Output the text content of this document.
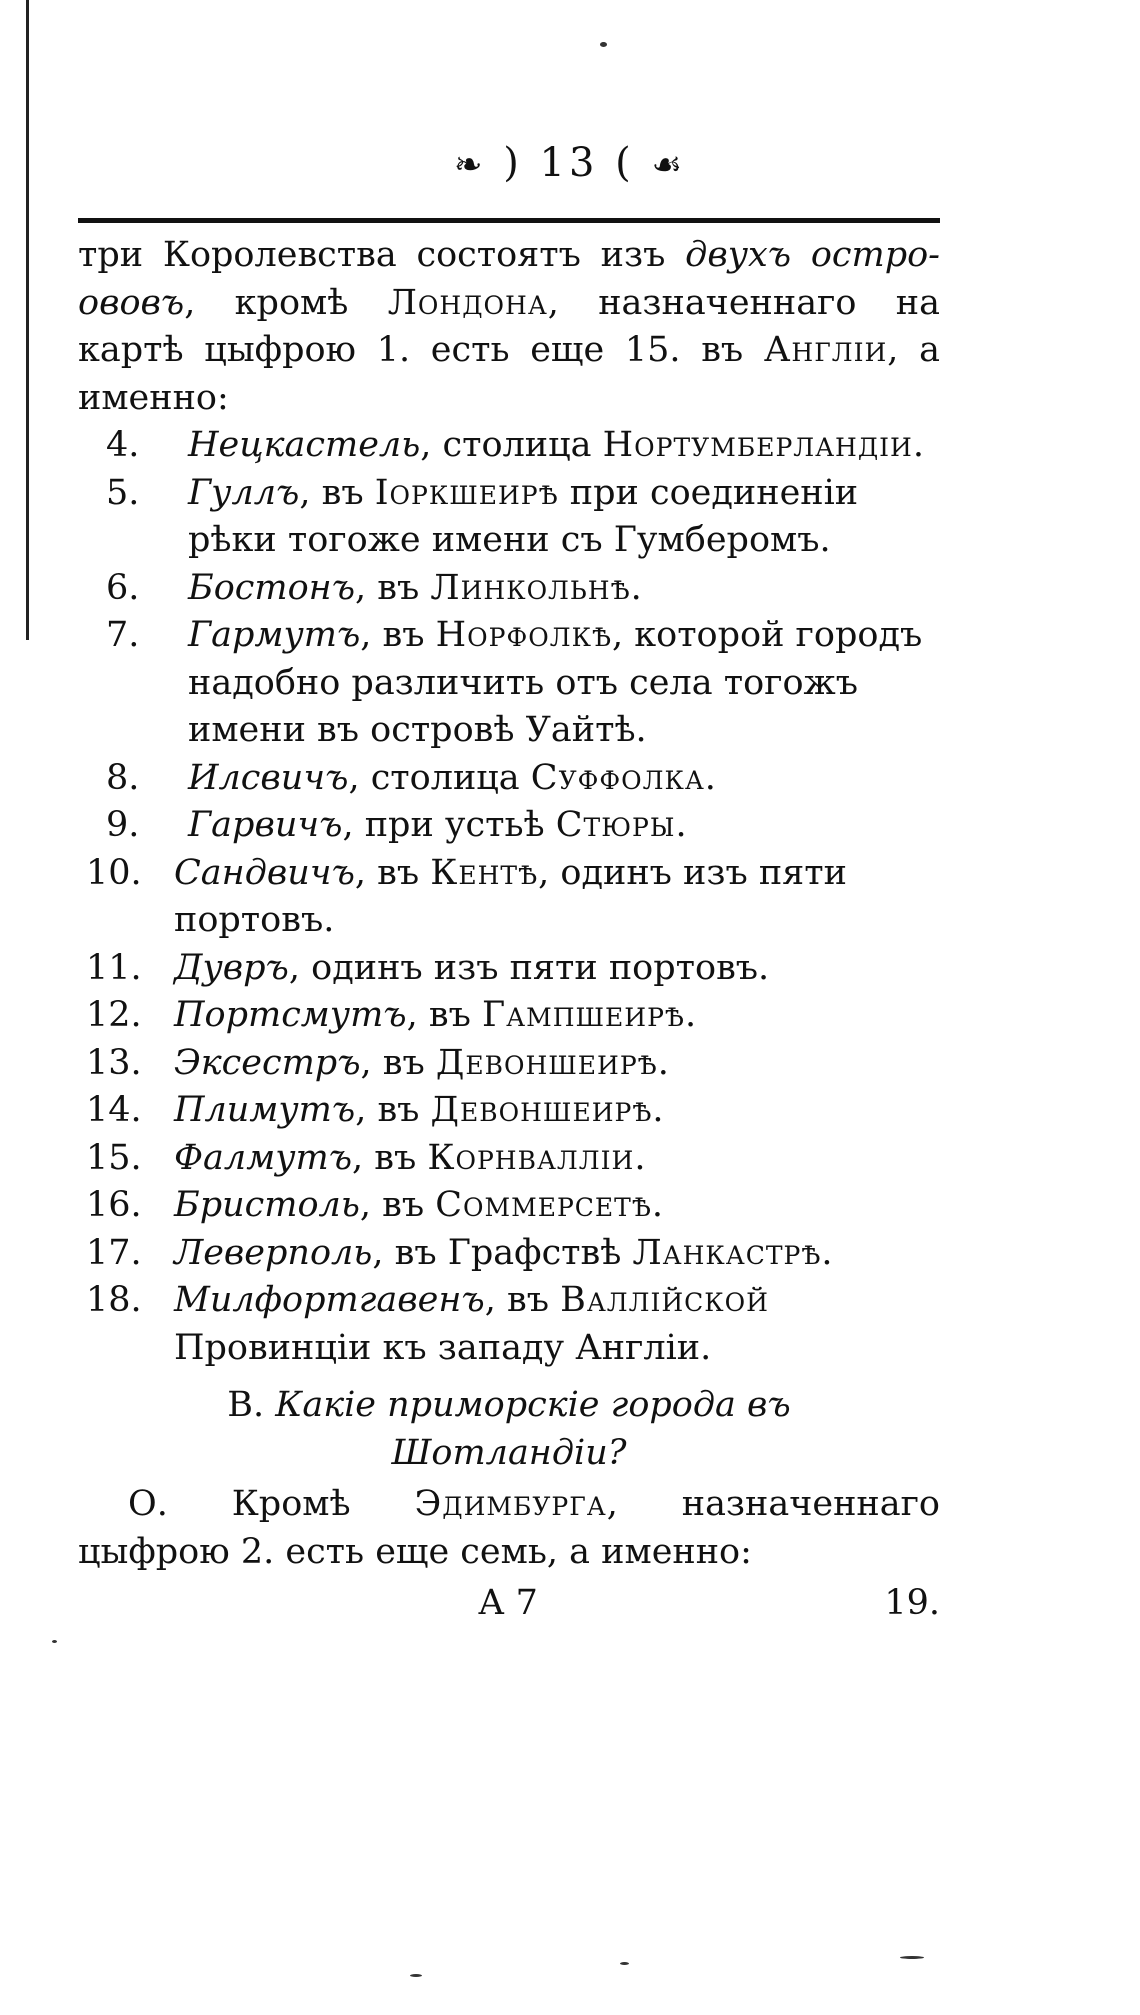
❧ ) 13 ( ☙

три Королевства состоятъ изъ двухъ остро-ововъ, кромѣ Лондона, назначеннаго на картѣ цыфрою 1. есть еще 15. въ Англіи, а именно:

4. Нецкастель, столица Нортумберландіи.

5. Гуллъ, въ Іоркшеирѣ при соединеніи рѣки тогоже имени съ Гумберомъ.

6. Бостонъ, въ Линкольнѣ.

7. Гармутъ, въ Норфолкѣ, которой городъ надобно различить отъ села тогожъ имени въ островѣ Уайтѣ.

8. Илсвичъ, столица Суффолка.

9. Гарвичъ, при устьѣ Стюры.

10. Сандвичъ, въ Кентѣ, одинъ изъ пяти портовъ.

11. Дувръ, одинъ изъ пяти портовъ.

12. Портсмутъ, въ Гампшеирѣ.

13. Эксестръ, въ Девоншеирѣ.

14. Плимутъ, въ Девоншеирѣ.

15. Фалмутъ, въ Корнваллiи.

16. Бристоль, въ Соммерсетѣ.

17. Леверполь, въ Графствѣ Ланкастрѣ.

18. Милфортгавенъ, въ Валлiйской Провинцiи къ западу Англiи.

В. Какiе приморскiе города въ Шотландiи?

О. Кромѣ Эдимбурга, назначеннаго цыфрою 2. есть еще семь, а именно:

А 7	19.
